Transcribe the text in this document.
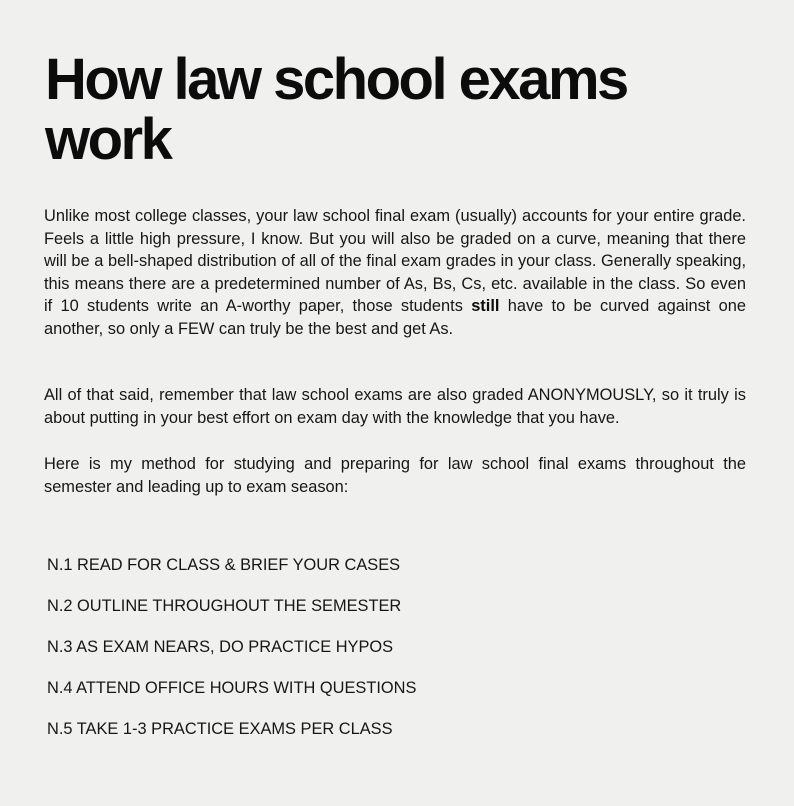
How law school exams work

Unlike most college classes, your law school final exam (usually) accounts for your entire grade. Feels a little high pressure, I know. But you will also be graded on a curve, meaning that there will be a bell-shaped distribution of all of the final exam grades in your class. Generally speaking, this means there are a predetermined number of As, Bs, Cs, etc. available in the class. So even if 10 students write an A-worthy paper, those students still have to be curved against one another, so only a FEW can truly be the best and get As.

All of that said, remember that law school exams are also graded ANONYMOUSLY, so it truly is about putting in your best effort on exam day with the knowledge that you have.

Here is my method for studying and preparing for law school final exams throughout the semester and leading up to exam season:

N.1 READ FOR CLASS & BRIEF YOUR CASES
N.2 OUTLINE THROUGHOUT THE SEMESTER
N.3 AS EXAM NEARS, DO PRACTICE HYPOS
N.4 ATTEND OFFICE HOURS WITH QUESTIONS
N.5 TAKE 1-3 PRACTICE EXAMS PER CLASS
